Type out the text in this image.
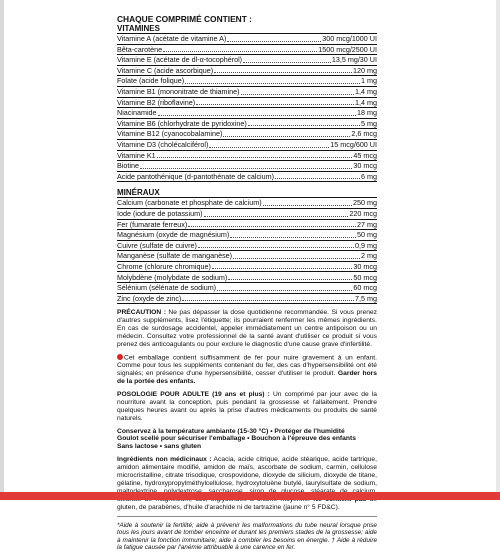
CHAQUE COMPRIMÉ CONTIENT :
VITAMINES
Vitamine A (acétate de vitamine A)	300 mcg/1000 UI
Bêta-carotène	1500 mcg/2500 UI
Vitamine E (acétate de dl-α-tocophérol)	13,5 mg/30 UI
Vitamine C (acide ascorbique)	120 mg
Folate (acide folique)	1 mg
Vitamine B1 (mononitrate de thiamine)	1,4 mg
Vitamine B2 (riboflavine)	1,4 mg
Niacinamide	18 mg
Vitamine B6 (chlorhydrate de pyridoxine)	5 mg
Vitamine B12 (cyanocobalamine)	2,6 mcg
Vitamine D3 (cholécalciférol)	15 mcg/600 UI
Vitamine K1	45 mcg
Biotine	30 mcg
Acide pantothénique (d-pantothénate de calcium)	6 mg
MINÉRAUX
Calcium (carbonate et phosphate de calcium)	250 mg
Iode (iodure de potassium)	220 mcg
Fer (fumarate ferreux)	27 mg
Magnésium (oxyde de magnésium)	50 mg
Cuivre (sulfate de cuivre)	0,9 mg
Manganèse (sulfate de manganèse)	2 mg
Chrome (chlorure chromique)	30 mcg
Molybdène (molybdate de sodium)	50 mcg
Sélénium (sélénate de sodium)	60 mcg
Zinc (oxyde de zinc)	7,5 mg

PRÉCAUTION : Ne pas dépasser la dose quotidienne recommandée. Si vous prenez d'autres suppléments, lisez l'étiquette; ils pourraient renfermer les mêmes ingrédients. En cas de surdosage accidentel, appeler immédiatement un centre antipoison ou un médecin. Consultez votre professionnel de la santé avant d'utiliser ce produit si vous prenez des anticoagulants ou pour exclure le diagnostic d'une cause grave d'infertilité.

Cet emballage contient suffisamment de fer pour nuire gravement à un enfant. Comme pour tous les suppléments contenant du fer, des cas d'hypersensibilité ont été signalés; en présence d'une hypersensibilité, cesser d'utiliser le produit. Garder hors de la portée des enfants.

POSOLOGIE POUR ADULTE (19 ans et plus) : Un comprimé par jour avec de la nourriture avant la conception, puis pendant la grossesse et l'allaitement. Prendre quelques heures avant ou après la prise d'autres médicaments ou produits de santé naturels.

Conservez à la température ambiante (15-30 °C) • Protéger de l'humidité
Goulot scellé pour sécuriser l'emballage • Bouchon à l'épreuve des enfants
Sans lactose • sans gluten

Ingrédients non médicinaux : Acacia, acide citrique, acide stéarique, acide tartrique, amidon alimentaire modifié, amidon de maïs, ascorbate de sodium, carmin, cellulose microcristalline, citrate trisodique, crospovidone, dioxyde de silicium, dioxyde de titane, gélatine, hydroxypropylméthylcellulose, hydroxytoluène butylé, laurylsulfate de sodium, gluten, de parabènes, d'huile d'arachide ni de tartrazine (jaune n° 5 FD&C).

*Aide à soutenir la fertilité; aide à prévenir les malformations du tube neural lorsque prise tous les jours avant de tomber enceinte et durant les premiers stades de la grossesse; aide à maintenir la fonction immunitaire; aide à combler les besoins en énergie. † Aide à réduire la fatigue causée par l'anémie attribuable à une carence en fer.
